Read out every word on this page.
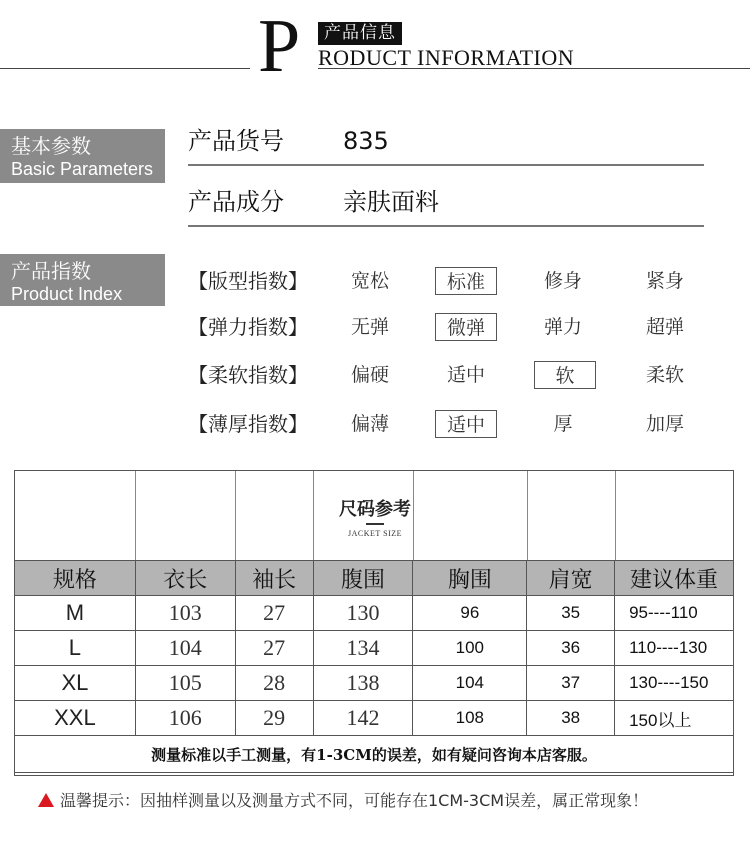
P	产品信息
RODUCT INFORMATION
基本参数
Basic Parameters
产品货号 835
产品成分 亲肤面料
产品指数
Product Index
【版型指数】	宽松	标准	修身	紧身
【弹力指数】	无弹	微弹	弹力	超弹
【柔软指数】	偏硬	适中	软	柔软
【薄厚指数】	偏薄	适中	厚	加厚
尺码参考
JACKET SIZE
规格	衣长	袖长	腹围	胸围	肩宽	建议体重
M	103	27	130	96	35	95----110
L	104	27	134	100	36	110----130
XL	105	28	138	104	37	130----150
XXL	106	29	142	108	38	150以上
测量标准以手工测量，有1-3CM的误差，如有疑问咨询本店客服。						
温馨提示：因抽样测量以及测量方式不同，可能存在1CM-3CM误差，属正常现象！
